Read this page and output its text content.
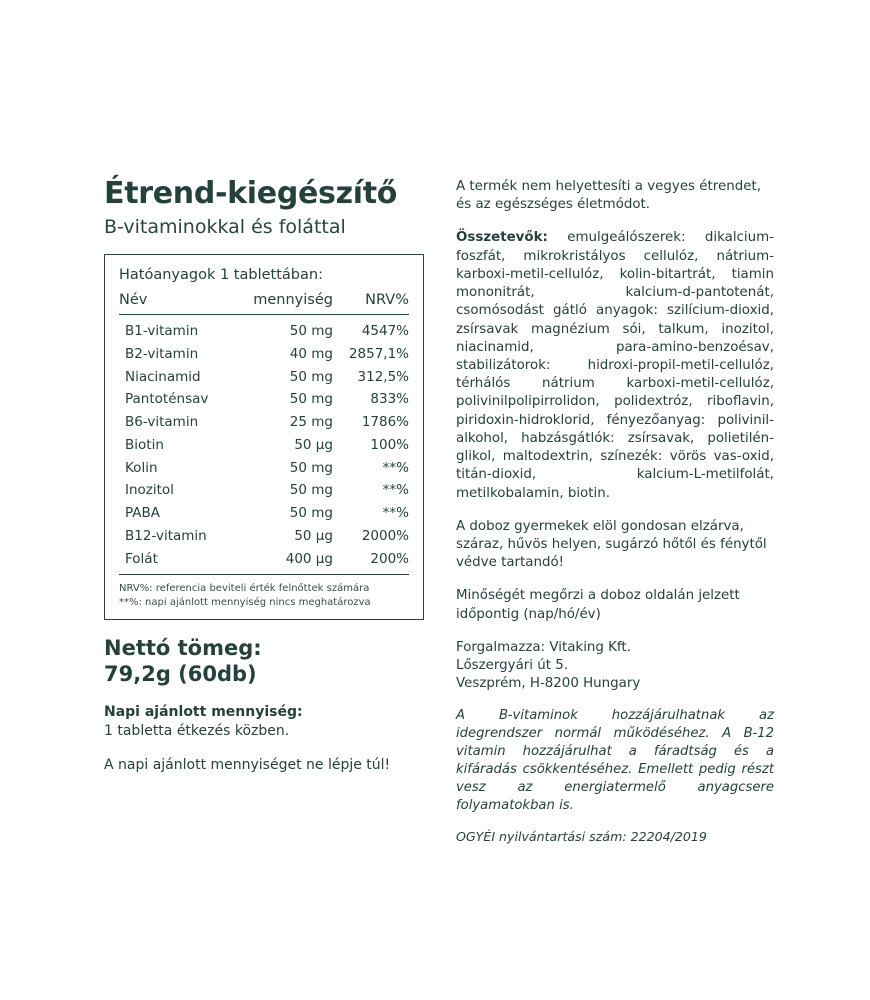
Étrend-kiegészítő
B-vitaminokkal és foláttal
Hatóanyagok 1 tablettában:
Név	mennyiség	NRV%
B1-vitamin	50 mg	4547%
B2-vitamin	40 mg	2857,1%
Niacinamid	50 mg	312,5%
Pantoténsav	50 mg	833%
B6-vitamin	25 mg	1786%
Biotin	50 µg	100%
Kolin	50 mg	**%
Inozitol	50 mg	**%
PABA	50 mg	**%
B12-vitamin	50 µg	2000%
Folát	400 µg	200%
NRV%: referencia beviteli érték felnőttek számára
**%: napi ajánlott mennyiség nincs meghatározva
Nettó tömeg:
79,2g (60db)
Napi ajánlott mennyiség:
1 tabletta étkezés közben.
A napi ajánlott mennyiséget ne lépje túl!

A termék nem helyettesíti a vegyes étrendet, és az egészséges életmódot.

Összetevők: emulgeálószerek: dikalcium-foszfát, mikrokristályos cellulóz, nátrium-karboxi-metil-cellulóz, kolin-bitartrát, tiamin mononitrát, kalcium-d-pantotenát, csomósodást gátló anyagok: szilícium-dioxid, zsírsavak magnézium sói, talkum, inozitol, niacinamid, para-amino-benzoésav, stabilizátorok: hidroxi-propil-metil-cellulóz, térhálós nátrium karboxi-metil-cellulóz, polivinilpolipirrolidon, polidextróz, riboflavin, piridoxin-hidroklorid, fényezőanyag: polivinil-alkohol, habzásgátlók: zsírsavak, polietilén-glikol, maltodextrin, színezék: vörös vas-oxid, titán-dioxid, kalcium-L-metilfolát, metilkobalamin, biotin.

A doboz gyermekek elöl gondosan elzárva, száraz, hűvös helyen, sugárzó hőtől és fénytől védve tartandó!

Minőségét megőrzi a doboz oldalán jelzett időpontig (nap/hó/év)

Forgalmazza: Vitaking Kft.
Lőszergyári út 5.
Veszprém, H-8200 Hungary

A B-vitaminok hozzájárulhatnak az idegrendszer normál működéséhez. A B-12 vitamin hozzájárulhat a fáradtság és a kifáradás csökkentéséhez. Emellett pedig részt vesz az energiatermelő anyagcsere folyamatokban is.

OGYÉI nyilvántartási szám: 22204/2019
